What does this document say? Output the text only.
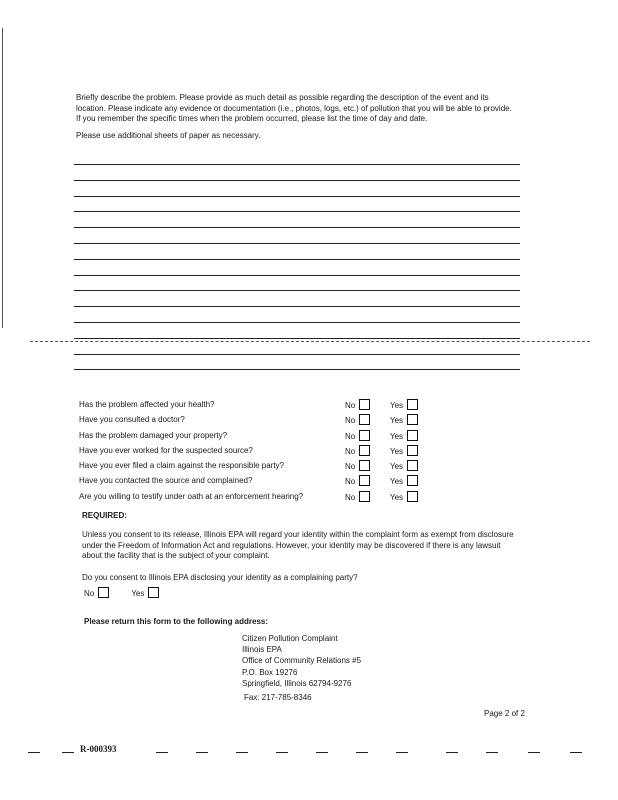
Briefly describe the problem. Please provide as much detail as possible regarding the description of the event and its location. Please indicate any evidence or documentation (i.e., photos, logs, etc.) of pollution that you will be able to provide. If you remember the specific times when the problem occurred, please list the time of day and date.

Please use additional sheets of paper as necessary.

Has the problem affected your health?	No	Yes
Have you consulted a doctor?	No	Yes
Has the problem damaged your property?	No	Yes
Have you ever worked for the suspected source?	No	Yes
Have you ever filed a claim against the responsible party?	No	Yes
Have you contacted the source and complained?	No	Yes
Are you willing to testify under oath at an enforcement hearing?	No	Yes
REQUIRED:
Unless you consent to its release, Illinois EPA will regard your identity within the complaint form as exempt from disclosure under the Freedom of Information Act and regulations. However, your identity may be discovered if there is any lawsuit about the facility that is the subject of your complaint.
Do you consent to Illinois EPA disclosing your identity as a complaining party?
No	Yes
Please return this form to the following address:
Citizen Pollution Complaint
Illinois EPA
Office of Community Relations #5
P.O. Box 19276
Springfield, Illinois 62794-9276
Fax: 217-785-8346
Page 2 of 2
R-000393
